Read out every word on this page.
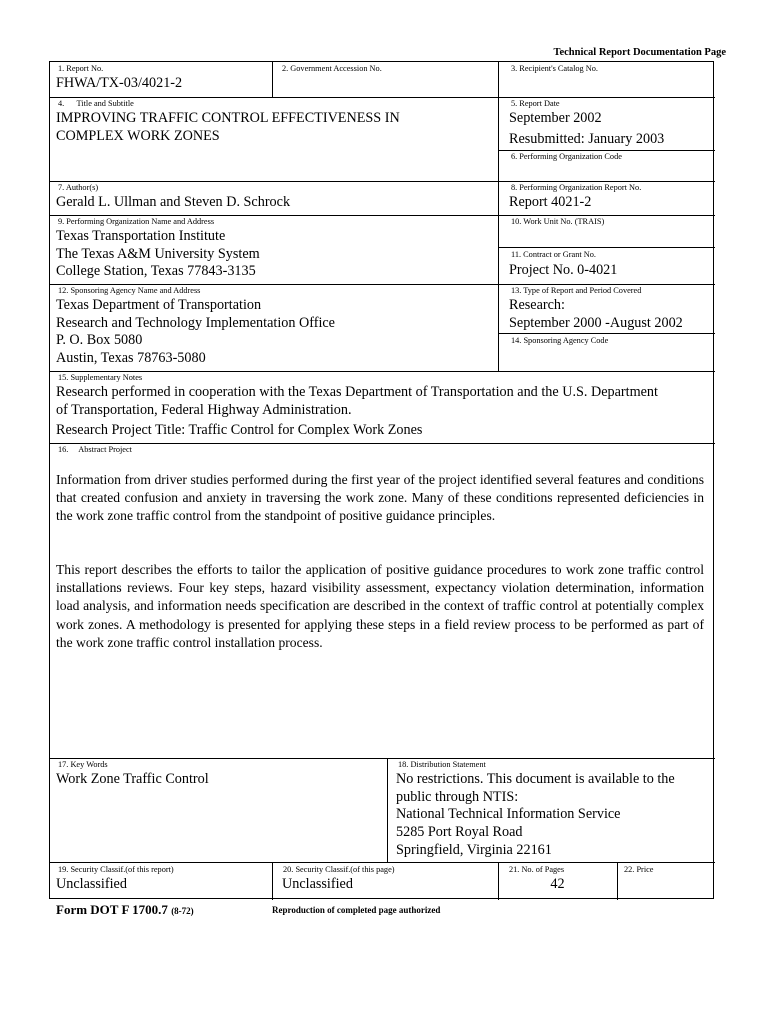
Technical Report Documentation Page
1. Report No.
FHWA/TX-03/4021-2
2. Government Accession No.	3. Recipient's Catalog No.
4.      Title and Subtitle
IMPROVING TRAFFIC CONTROL EFFECTIVENESS IN
COMPLEX WORK ZONES
5. Report Date
September 2002
Resubmitted: January 2003
6. Performing Organization Code
7. Author(s)
Gerald L. Ullman and Steven D. Schrock
8. Performing Organization Report No.
Report 4021-2
9. Performing Organization Name and Address
Texas Transportation Institute
The Texas A&M University System
College Station, Texas 77843-3135
10. Work Unit No. (TRAIS)
11. Contract or Grant No.
Project No. 0-4021
12. Sponsoring Agency Name and Address
Texas Department of Transportation
Research and Technology Implementation Office
P. O. Box 5080
Austin, Texas 78763-5080
13. Type of Report and Period Covered
Research:
September 2000 -August 2002
14. Sponsoring Agency Code
15. Supplementary Notes
Research performed in cooperation with the Texas Department of Transportation and the U.S. Department
of Transportation, Federal Highway Administration.
Research Project Title: Traffic Control for Complex Work Zones
16.     Abstract Project
Information from driver studies performed during the first year of the project identified several features and conditions that created confusion and anxiety in traversing the work zone. Many of these conditions represented deficiencies in the work zone traffic control from the standpoint of positive guidance principles.
This report describes the efforts to tailor the application of positive guidance procedures to work zone traffic control installations reviews. Four key steps, hazard visibility assessment, expectancy violation determination, information load analysis, and information needs specification are described in the context of traffic control at potentially complex work zones. A methodology is presented for applying these steps in a field review process to be performed as part of the work zone traffic control installation process.
17. Key Words
Work Zone Traffic Control
18. Distribution Statement
No restrictions. This document is available to the
public through NTIS:
National Technical Information Service
5285 Port Royal Road
Springfield, Virginia 22161
19. Security Classif.(of this report)
Unclassified
20. Security Classif.(of this page)
Unclassified
21. No. of Pages
42
22. Price
Form DOT F 1700.7 (8-72)	Reproduction of completed page authorized
